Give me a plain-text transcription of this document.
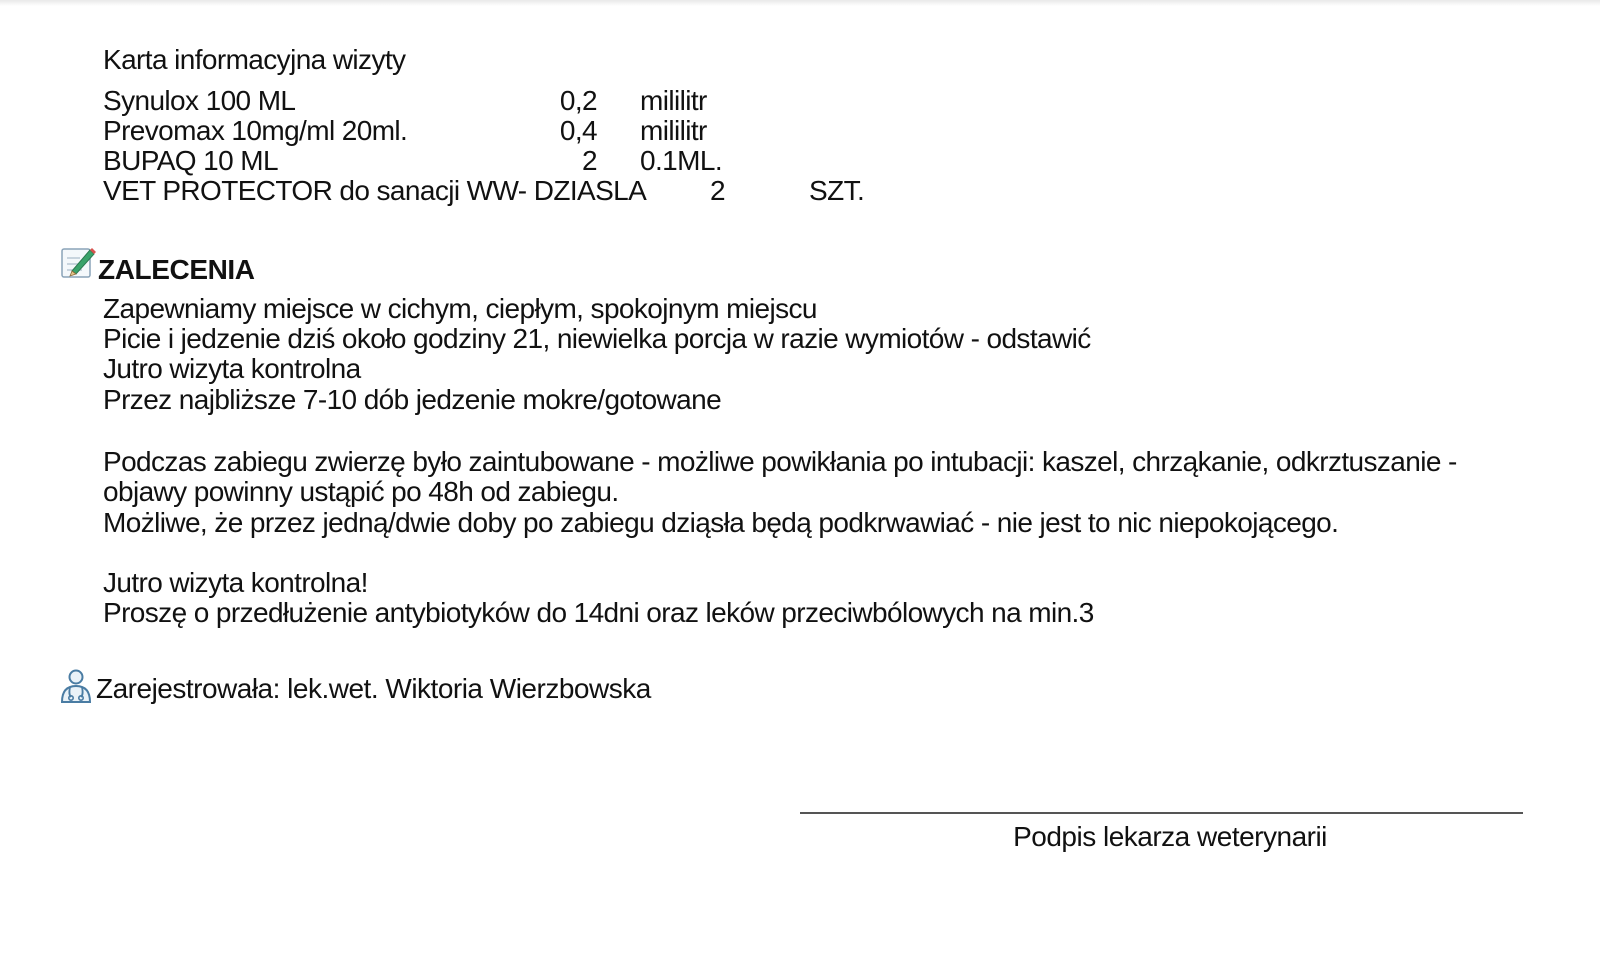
Karta informacyjna wizyty
Synulox 100 ML	0,2 mililitr
Prevomax 10mg/ml 20ml.	0,4 mililitr
BUPAQ 10 ML	2 0.1ML.
VET PROTECTOR do sanacji WW- DZIASLA	2	SZT.
ZALECENIA
Zapewniamy miejsce w cichym, ciepłym, spokojnym miejscu
Picie i jedzenie dziś około godziny 21, niewielka porcja w razie wymiotów - odstawić
Jutro wizyta kontrolna
Przez najbliższe 7-10 dób jedzenie mokre/gotowane
Podczas zabiegu zwierzę było zaintubowane - możliwe powikłania po intubacji: kaszel, chrząkanie, odkrztuszanie -
objawy powinny ustąpić po 48h od zabiegu.
Możliwe, że przez jedną/dwie doby po zabiegu dziąsła będą podkrwawiać - nie jest to nic niepokojącego.
Jutro wizyta kontrolna!
Proszę o przedłużenie antybiotyków do 14dni oraz leków przeciwbólowych na min.3
Zarejestrowała: lek.wet. Wiktoria Wierzbowska
Podpis lekarza weterynarii
